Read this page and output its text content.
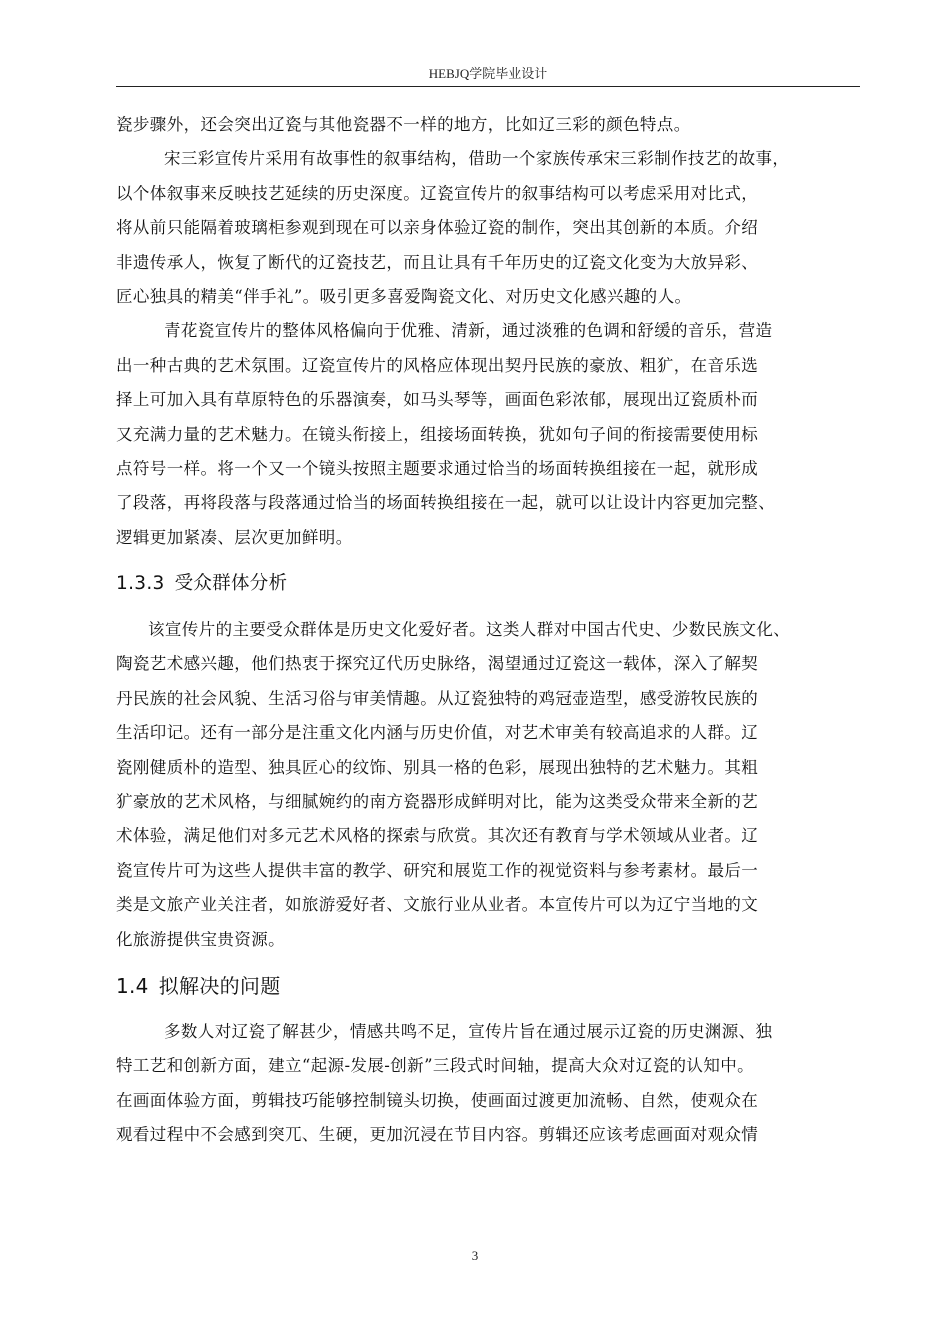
HEBJQ学院毕业设计
瓷步骤外，还会突出辽瓷与其他瓷器不一样的地方，比如辽三彩的颜色特点。
宋三彩宣传片采用有故事性的叙事结构，借助一个家族传承宋三彩制作技艺的故事，
以个体叙事来反映技艺延续的历史深度。辽瓷宣传片的叙事结构可以考虑采用对比式，
将从前只能隔着玻璃柜参观到现在可以亲身体验辽瓷的制作，突出其创新的本质。介绍
非遗传承人，恢复了断代的辽瓷技艺，而且让具有千年历史的辽瓷文化变为大放异彩、
匠心独具的精美“伴手礼”。吸引更多喜爱陶瓷文化、对历史文化感兴趣的人。
青花瓷宣传片的整体风格偏向于优雅、清新，通过淡雅的色调和舒缓的音乐，营造
出一种古典的艺术氛围。辽瓷宣传片的风格应体现出契丹民族的豪放、粗犷，在音乐选
择上可加入具有草原特色的乐器演奏，如马头琴等，画面色彩浓郁，展现出辽瓷质朴而
又充满力量的艺术魅力。在镜头衔接上，组接场面转换，犹如句子间的衔接需要使用标
点符号一样。将一个又一个镜头按照主题要求通过恰当的场面转换组接在一起，就形成
了段落，再将段落与段落通过恰当的场面转换组接在一起，就可以让设计内容更加完整、
逻辑更加紧凑、层次更加鲜明。
1.3.3 受众群体分析
该宣传片的主要受众群体是历史文化爱好者。这类人群对中国古代史、少数民族文化、
陶瓷艺术感兴趣，他们热衷于探究辽代历史脉络，渴望通过辽瓷这一载体，深入了解契
丹民族的社会风貌、生活习俗与审美情趣。从辽瓷独特的鸡冠壶造型，感受游牧民族的
生活印记。还有一部分是注重文化内涵与历史价值，对艺术审美有较高追求的人群。辽
瓷刚健质朴的造型、独具匠心的纹饰、别具一格的色彩，展现出独特的艺术魅力。其粗
犷豪放的艺术风格，与细腻婉约的南方瓷器形成鲜明对比，能为这类受众带来全新的艺
术体验，满足他们对多元艺术风格的探索与欣赏。其次还有教育与学术领域从业者。辽
瓷宣传片可为这些人提供丰富的教学、研究和展览工作的视觉资料与参考素材。最后一
类是文旅产业关注者，如旅游爱好者、文旅行业从业者。本宣传片可以为辽宁当地的文
化旅游提供宝贵资源。
1.4 拟解决的问题
多数人对辽瓷了解甚少，情感共鸣不足，宣传片旨在通过展示辽瓷的历史渊源、独
特工艺和创新方面，建立“起源-发展-创新”三段式时间轴，提高大众对辽瓷的认知中。
在画面体验方面，剪辑技巧能够控制镜头切换，使画面过渡更加流畅、自然，使观众在
观看过程中不会感到突兀、生硬，更加沉浸在节目内容。剪辑还应该考虑画面对观众情
3
